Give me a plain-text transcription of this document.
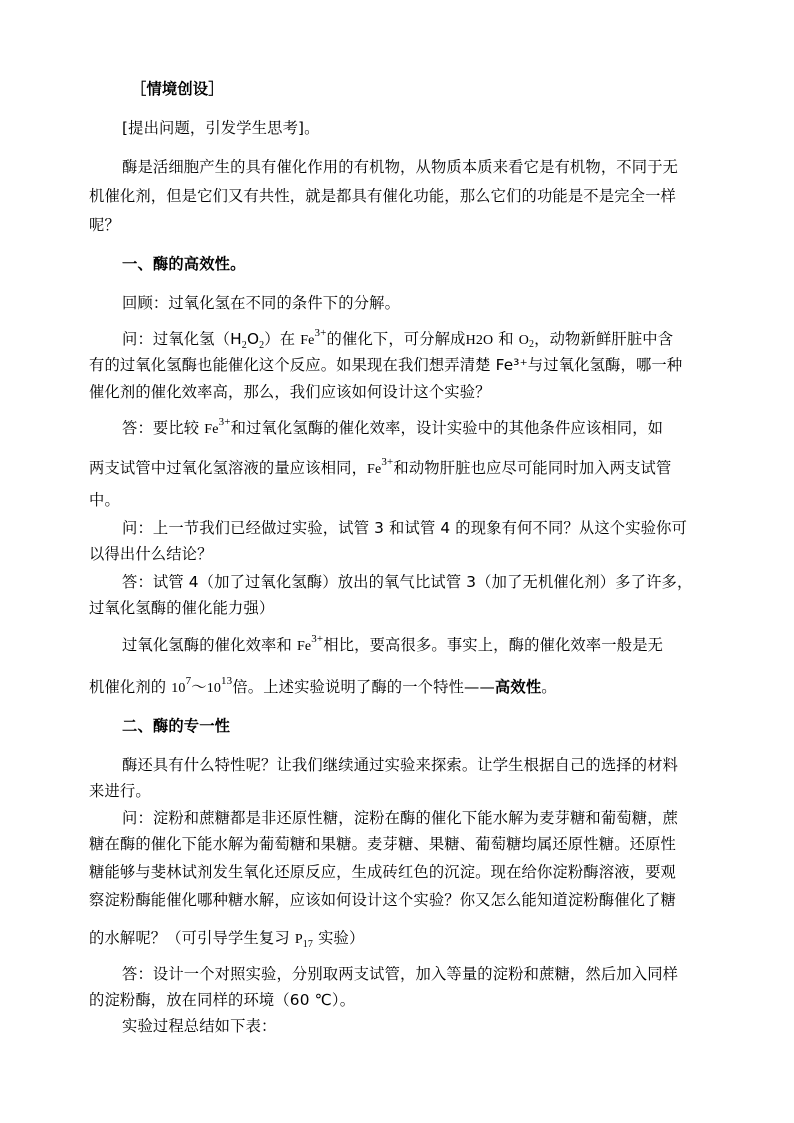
［情境创设］
[提出问题，引发学生思考]。
酶是活细胞产生的具有催化作用的有机物，从物质本质来看它是有机物，不同于无
机催化剂，但是它们又有共性，就是都具有催化功能，那么它们的功能是不是完全一样
呢？
一、酶的高效性。
回顾：过氧化氢在不同的条件下的分解。
问：过氧化氢$(H_2O_2)$在 $Fe^{3+}$的催化下，可分解成H2O 和 O2，动物新鲜肝脏中含
有的过氧化氢酶也能催化这个反应。如果现在我们想弄清楚 Fe³⁺与过氧化氢酶，哪一种
催化剂的催化效率高，那么，我们应该如何设计这个实验？
答：要比较 $Fe^{3+}$和过氧化氢酶的催化效率，设计实验中的其他条件应该相同，如
两支试管中过氧化氢溶液的量应该相同，$Fe^{3+}$和动物肝脏也应尽可能同时加入两支试管
中。
问：上一节我们已经做过实验，试管 3 和试管 4 的现象有何不同？从这个实验你可
以得出什么结论？
答：试管 4（加了过氧化氢酶）放出的氧气比试管 3（加了无机催化剂）多了许多，
过氧化氢酶的催化能力强）
过氧化氢酶的催化效率和 $Fe^{3+}$相比，要高很多。事实上，酶的催化效率一般是无
机催化剂的 $10^7\sim 10^{13}$倍。上述实验说明了酶的一个特性——高效性。
二、酶的专一性
酶还具有什么特性呢？让我们继续通过实验来探索。让学生根据自己的选择的材料
来进行。
问：淀粉和蔗糖都是非还原性糖，淀粉在酶的催化下能水解为麦芽糖和葡萄糖，蔗
糖在酶的催化下能水解为葡萄糖和果糖。麦芽糖、果糖、葡萄糖均属还原性糖。还原性
糖能够与斐林试剂发生氧化还原反应，生成砖红色的沉淀。现在给你淀粉酶溶液，要观
察淀粉酶能催化哪种糖水解，应该如何设计这个实验？你又怎么能知道淀粉酶催化了糖
的水解呢？（可引导学生复习 $P_{17}$ 实验）
答：设计一个对照实验，分别取两支试管，加入等量的淀粉和蔗糖，然后加入同样
的淀粉酶，放在同样的环境（60 ℃）。
实验过程总结如下表：
